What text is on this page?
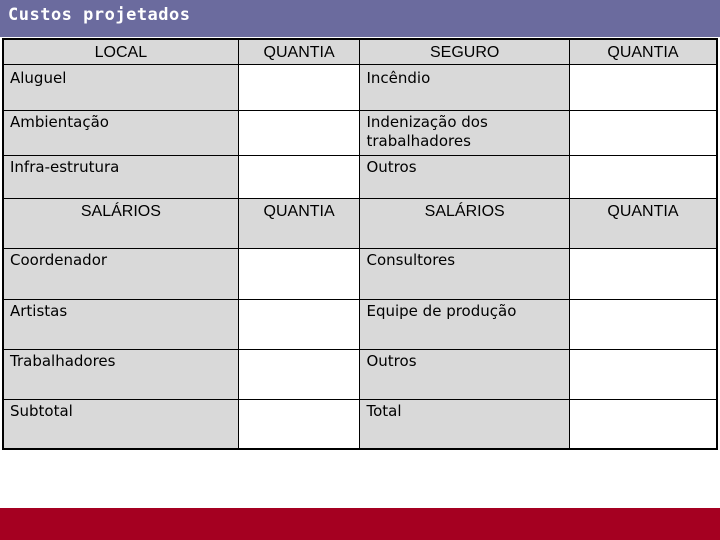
Custos projetados
LOCAL	QUANTIA	SEGURO	QUANTIA
Aluguel		Incêndio	
Ambientação		Indenização dos trabalhadores	
Infra-estrutura		Outros	
SALÁRIOS	QUANTIA	SALÁRIOS	QUANTIA
Coordenador		Consultores	
Artistas		Equipe de produção	
Trabalhadores		Outros	
Subtotal		Total	
